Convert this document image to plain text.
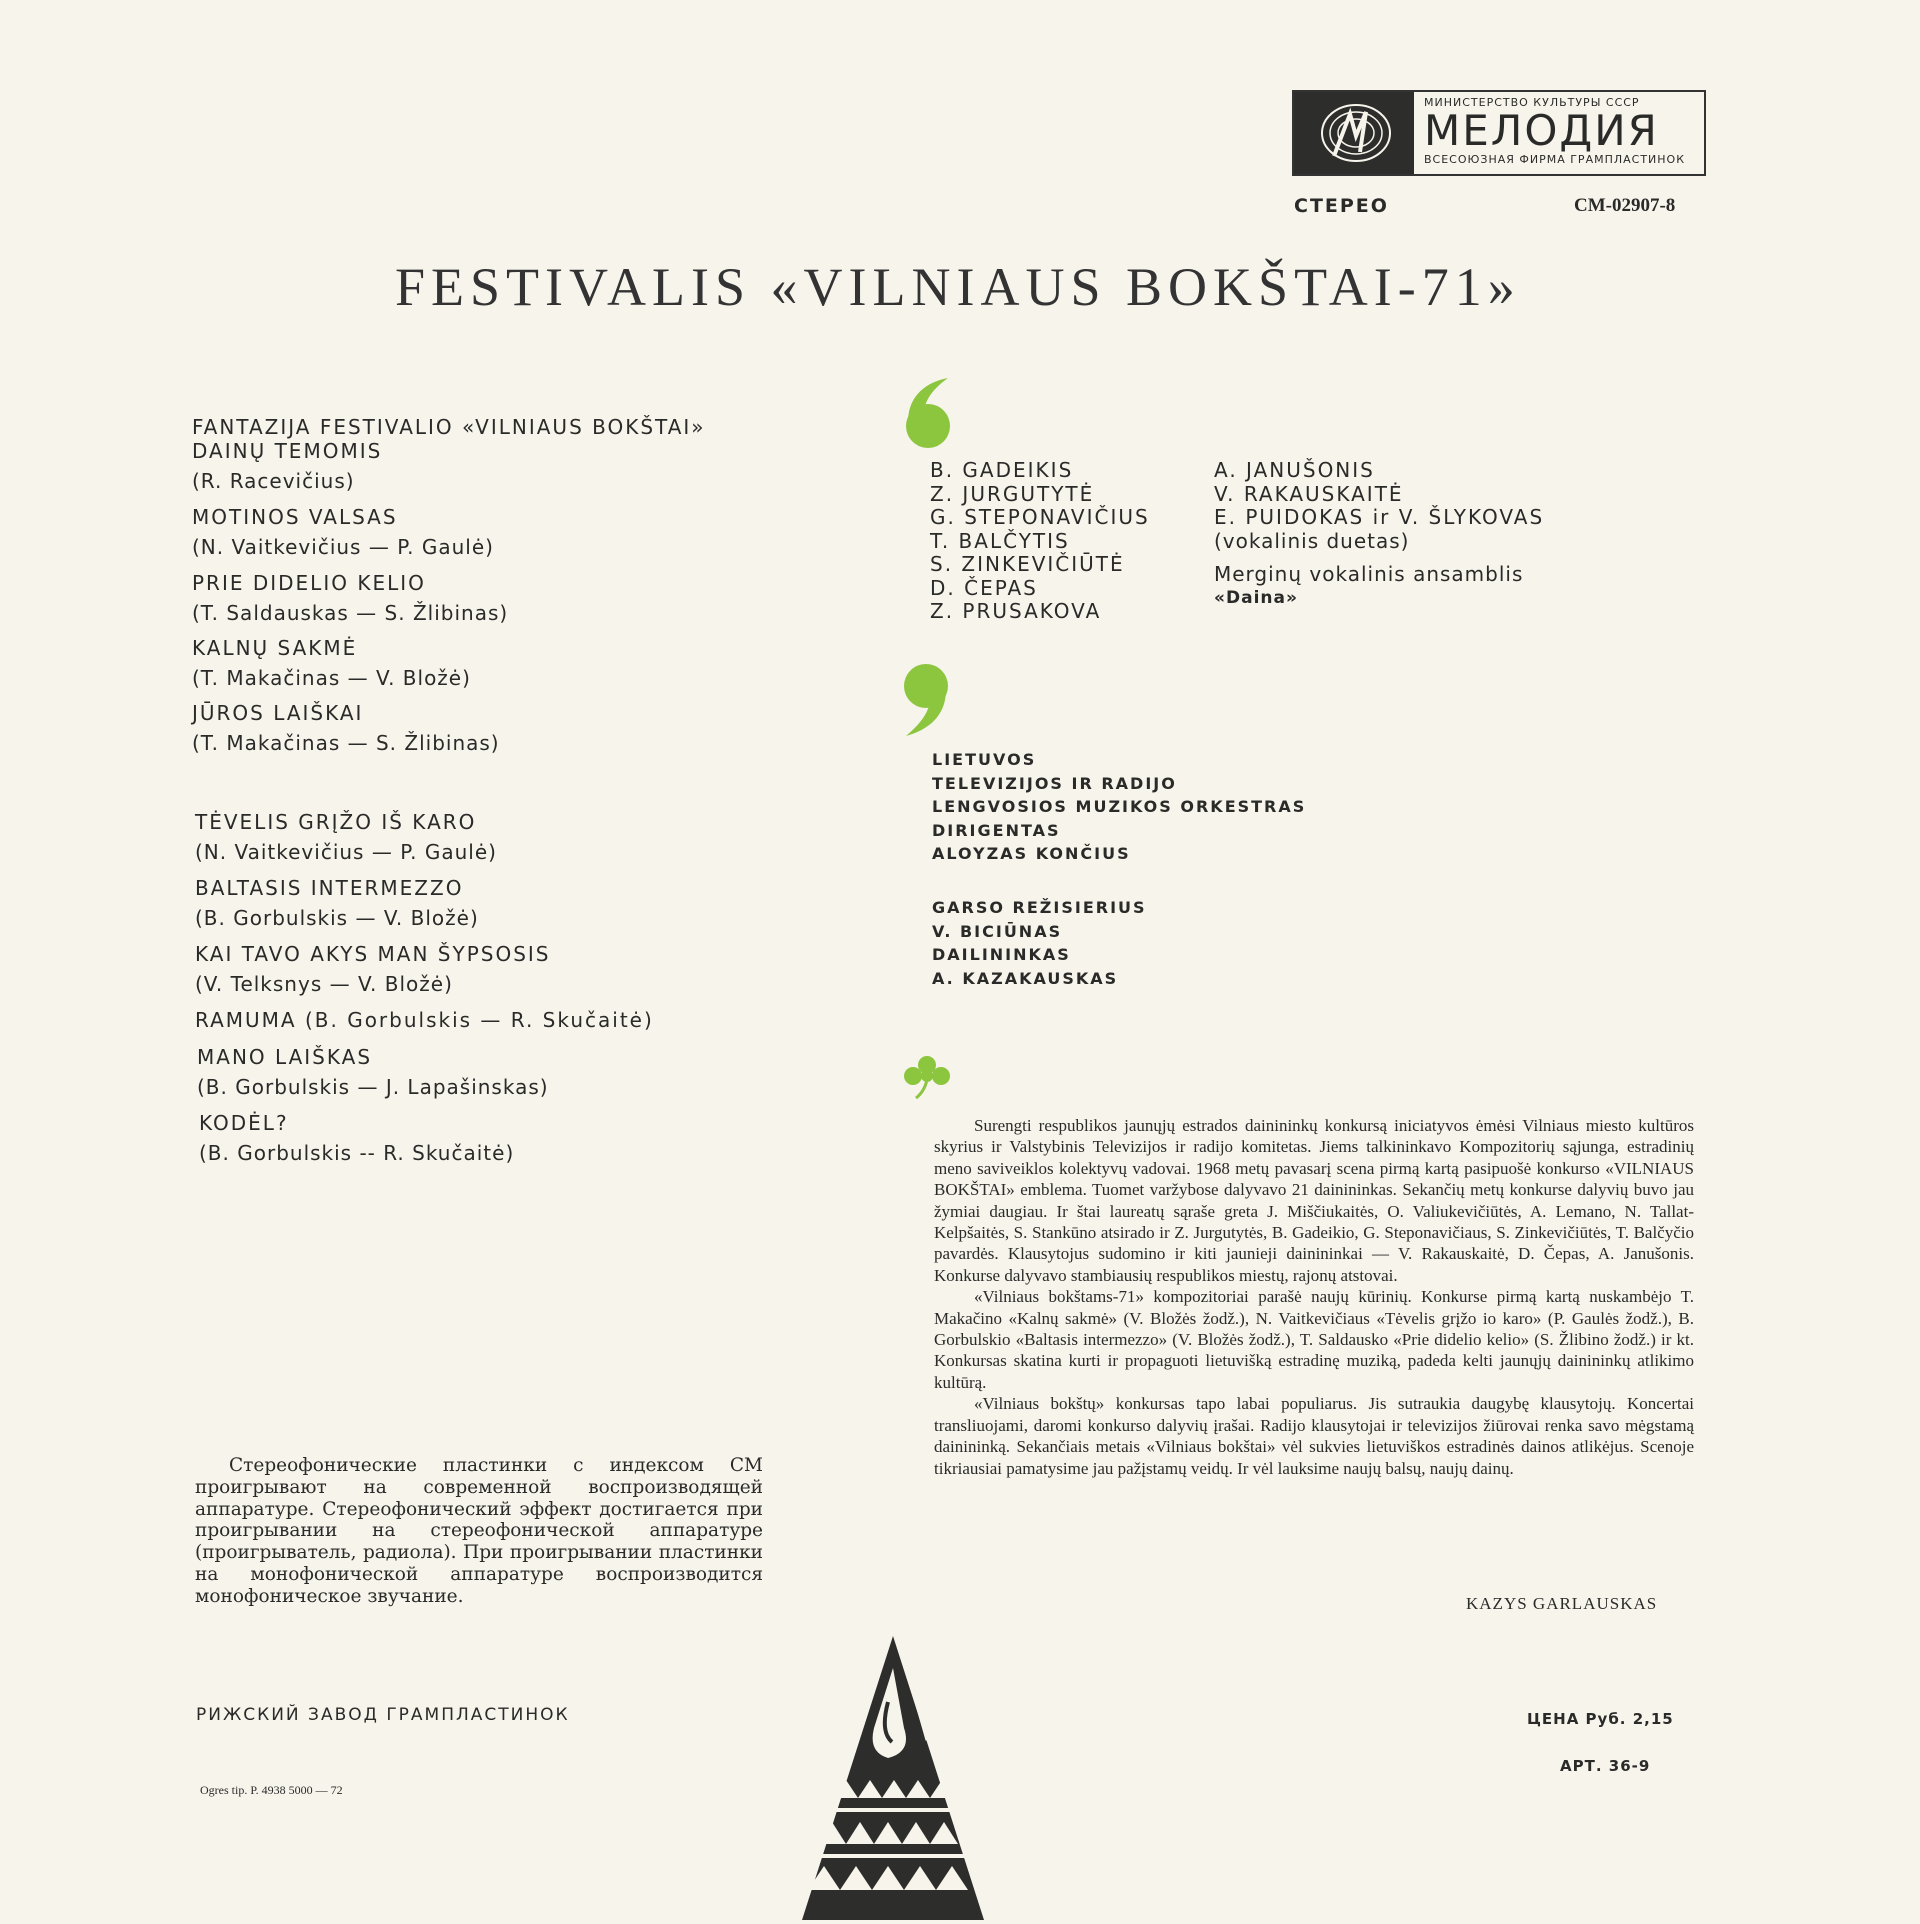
МИНИСТЕРСТВО КУЛЬТУРЫ СССР
МЕЛОДИЯ
ВСЕСОЮЗНАЯ ФИРМА ГРАМПЛАСТИНОК
СТЕРЕО	СМ-02907-8
FESTIVALIS «VILNIAUS BOKŠTAI-71»
FANTAZIJA FESTIVALIO «VILNIAUS BOKŠTAI»
DAINŲ TEMOMIS
(R. Racevičius)
MOTINOS VALSAS
(N. Vaitkevičius — P. Gaulė)
PRIE DIDELIO KELIO
(T. Saldauskas — S. Žlibinas)
KALNŲ SAKMĖ
(T. Makačinas — V. Bložė)
JŪROS LAIŠKAI
(T. Makačinas — S. Žlibinas)
TĖVELIS GRĮŽO IŠ KARO
(N. Vaitkevičius — P. Gaulė)
BALTASIS INTERMEZZO
(B. Gorbulskis — V. Bložė)
KAI TAVO AKYS MAN ŠYPSOSIS
(V. Telksnys — V. Bložė)
RAMUMA (B. Gorbulskis — R. Skučaitė)
MANO LAIŠKAS
(B. Gorbulskis — J. Lapašinskas)
KODĖL?
(B. Gorbulskis -- R. Skučaitė)
B. GADEIKIS
Z. JURGUTYTĖ
G. STEPONAVIČIUS
T. BALČYTIS
S. ZINKEVIČIŪTĖ
D. ČEPAS
Z. PRUSAKOVA
A. JANUŠONIS
V. RAKAUSKAITĖ
E. PUIDOKAS ir V. ŠLYKOVAS
(vokalinis duetas)
Merginų vokalinis ansamblis
«Daina»
LIETUVOS
TELEVIZIJOS IR RADIJO
LENGVOSIOS MUZIKOS ORKESTRAS
DIRIGENTAS
ALOYZAS KONČIUS
GARSO REŽISIERIUS
V. BICIŪNAS
DAILININKAS
A. KAZAKAUSKAS

Surengti respublikos jaunųjų estrados dainininkų konkursą iniciatyvos ėmėsi Vilniaus miesto kultūros skyrius ir Valstybinis Televizijos ir radijo komitetas. Jiems talkininkavo Kompozitorių sąjunga, estradinių meno saviveiklos kolektyvų vadovai. 1968 metų pavasarį scena pirmą kartą pasipuošė konkurso «VILNIAUS BOKŠTAI» emblema. Tuomet varžybose dalyvavo 21 dainininkas. Sekančių metų konkurse dalyvių buvo jau žymiai daugiau. Ir štai laureatų sąraše greta J. Miščiukaitės, O. Valiukevičiūtės, A. Lemano, N. Tallat-Kelpšaitės, S. Stankūno atsirado ir Z. Jurgutytės, B. Gadeikio, G. Steponavičiaus, S. Zinkevičiūtės, T. Balčyčio pavardės. Klausytojus sudomino ir kiti jaunieji dainininkai — V. Rakauskaitė, D. Čepas, A. Janušonis. Konkurse dalyvavo stambiausių respublikos miestų, rajonų atstovai.

«Vilniaus bokštams-71» kompozitoriai parašė naujų kūrinių. Konkurse pirmą kartą nuskambėjo T. Makačino «Kalnų sakmė» (V. Bložės žodž.), N. Vaitkevičiaus «Tėvelis grįžo io karo» (P. Gaulės žodž.), B. Gorbulskio «Baltasis intermezzo» (V. Bložės žodž.), T. Saldausko «Prie didelio kelio» (S. Žlibino žodž.) ir kt. Konkursas skatina kurti ir propaguoti lietuvišką estradinę muziką, padeda kelti jaunųjų dainininkų atlikimo kultūrą.

«Vilniaus bokštų» konkursas tapo labai populiarus. Jis sutraukia daugybę klausytojų. Koncertai transliuojami, daromi konkurso dalyvių įrašai. Radijo klausytojai ir televizijos žiūrovai renka savo mėgstamą dainininką. Sekančiais metais «Vilniaus bokštai» vėl sukvies lietuviškos estradinės dainos atlikėjus. Scenoje tikriausiai pamatysime jau pažįstamų veidų. Ir vėl lauksime naujų balsų, naujų dainų.

KAZYS GARLAUSKAS
Стереофонические пластинки с индексом СМ проигрывают на современной воспроизводящей аппаратуре. Стереофонический эффект достигается при проигрывании на стереофонической аппаратуре (проигрыватель, радиола). При проигрывании пластинки на монофонической аппаратуре воспроизводится монофоническое звучание.
РИЖСКИЙ ЗАВОД ГРАМПЛАСТИНОК
Ogres tip. P. 4938 5000 — 72
ЦЕНА Руб. 2,15
АРТ. 36-9
